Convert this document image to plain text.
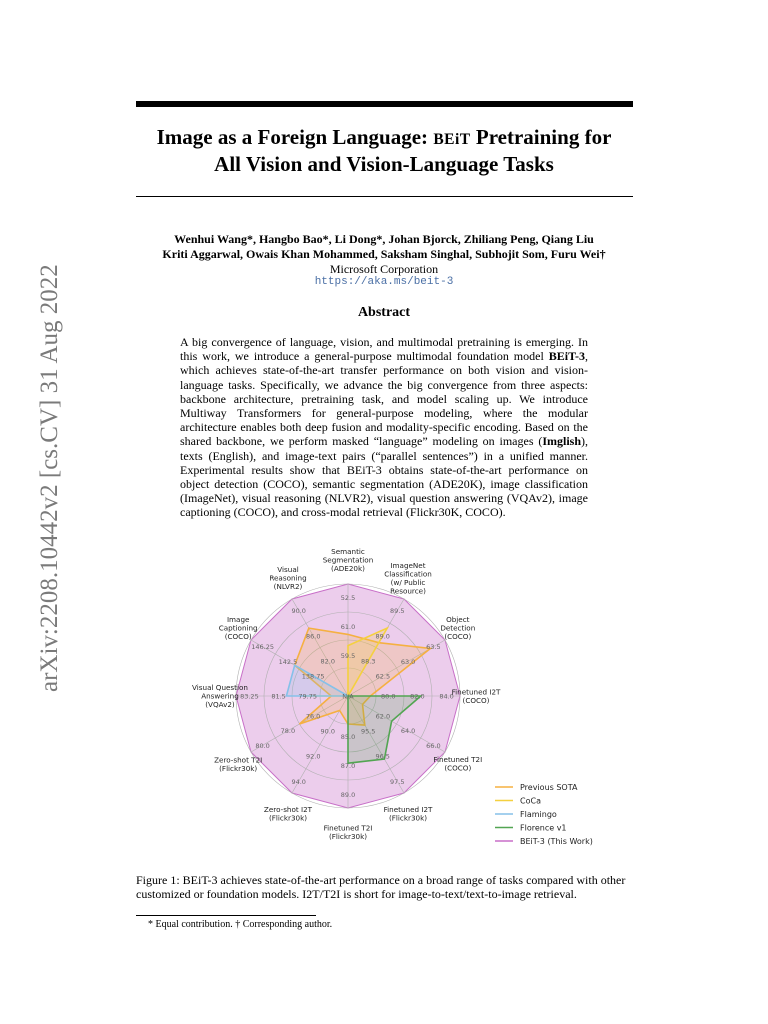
arXiv:2208.10442v2 [cs.CV] 31 Aug 2022
Image as a Foreign Language: BEiT Pretraining for
All Vision and Vision-Language Tasks
Wenhui Wang*, Hangbo Bao*, Li Dong*, Johan Bjorck, Zhiliang Peng, Qiang Liu
Kriti Aggarwal, Owais Khan Mohammed, Saksham Singhal, Subhojit Som, Furu Wei†
Microsoft Corporation
https://aka.ms/beit-3
Abstract
A big convergence of language, vision, and multimodal pretraining is emerging. In this work, we introduce a general-purpose multimodal foundation model BEiT-3, which achieves state-of-the-art transfer performance on both vision and vision-language tasks. Specifically, we advance the big convergence from three aspects: backbone architecture, pretraining task, and model scaling up. We introduce Multiway Transformers for general-purpose modeling, where the modular architecture enables both deep fusion and modality-specific encoding. Based on the shared backbone, we perform masked “language” modeling on images (Imglish), texts (English), and image-text pairs (“parallel sentences”) in a unified manner. Experimental results show that BEiT-3 obtains state-of-the-art performance on object detection (COCO), semantic segmentation (ADE20K), image classification (ImageNet), visual reasoning (NLVR2), visual question answering (VQAv2), image captioning (COCO), and cross-modal retrieval (Flickr30K, COCO).
52.5
61.0
59.5
89.5
89.0
88.3
63.5
63.0
62.5
84.0
82.0
80.0
66.0
64.0
62.0
97.5
96.5
95.5
89.0
87.0
85.0
94.0
92.0
90.0
80.0
78.0
76.0
83.25 81.5 79.75
146.25
142.5
138.75
90.0
86.0
82.0
N/A
Semantic
Segmentation
(ADE20k)	ImageNet
Classification
(w/ Public
Resource)
Object
Detection
(COCO)
Finetuned I2T
(COCO)
Finetuned T2I
(COCO)
Finetuned I2T
(Flickr30k)
Finetuned T2I
(Flickr30k)
Zero-shot I2T
(Flickr30k)
Zero-shot T2I
(Flickr30k)
Visual Question
Answering
(VQAv2)
Image
Captioning
(COCO)
Visual
Reasoning
(NLVR2)
Previous SOTA
CoCa
Flamingo
Florence v1
BEiT-3 (This Work)
Figure 1: BEiT-3 achieves state-of-the-art performance on a broad range of tasks compared with other customized or foundation models. I2T/T2I is short for image-to-text/text-to-image retrieval.
* Equal contribution. † Corresponding author.
